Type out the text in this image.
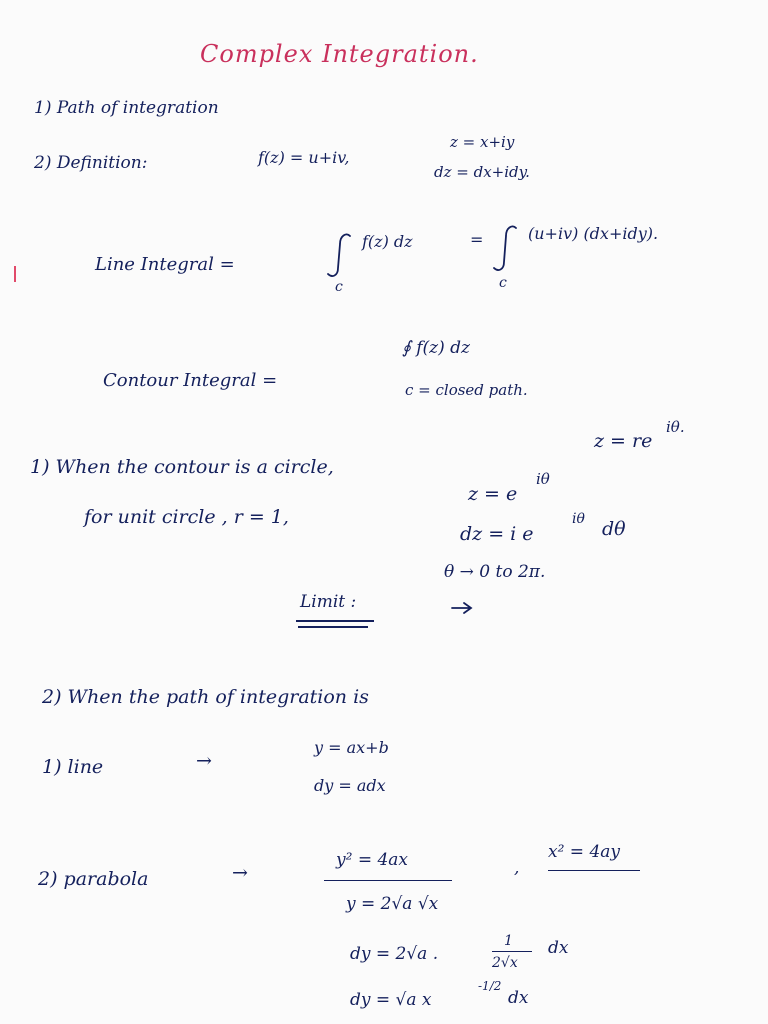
Complex Integration.
1) Path of integration
2) Definition:	f(z) = u+iv,
z = x+iy
dz = dx+idy.
Line Integral =
f(z) dz	=	(u+iv) (dx+idy).
c	c
Contour Integral =
∮ f(z) dz
c = closed path.
1) When the contour is a circle,
z = re
iθ.
for unit circle , r = 1,
z = e
iθ
dz = i e
iθ dθ
Limit :
θ → 0 to 2π.
2) When the path of integration is
1) line	→
y = ax+b
dy = adx
2) parabola	→
y² = 4ax	,
x² = 4ay
y = 2√a √x
dy = 2√a .
1
2√x
dx
dy = √a x
-1/2
dx
